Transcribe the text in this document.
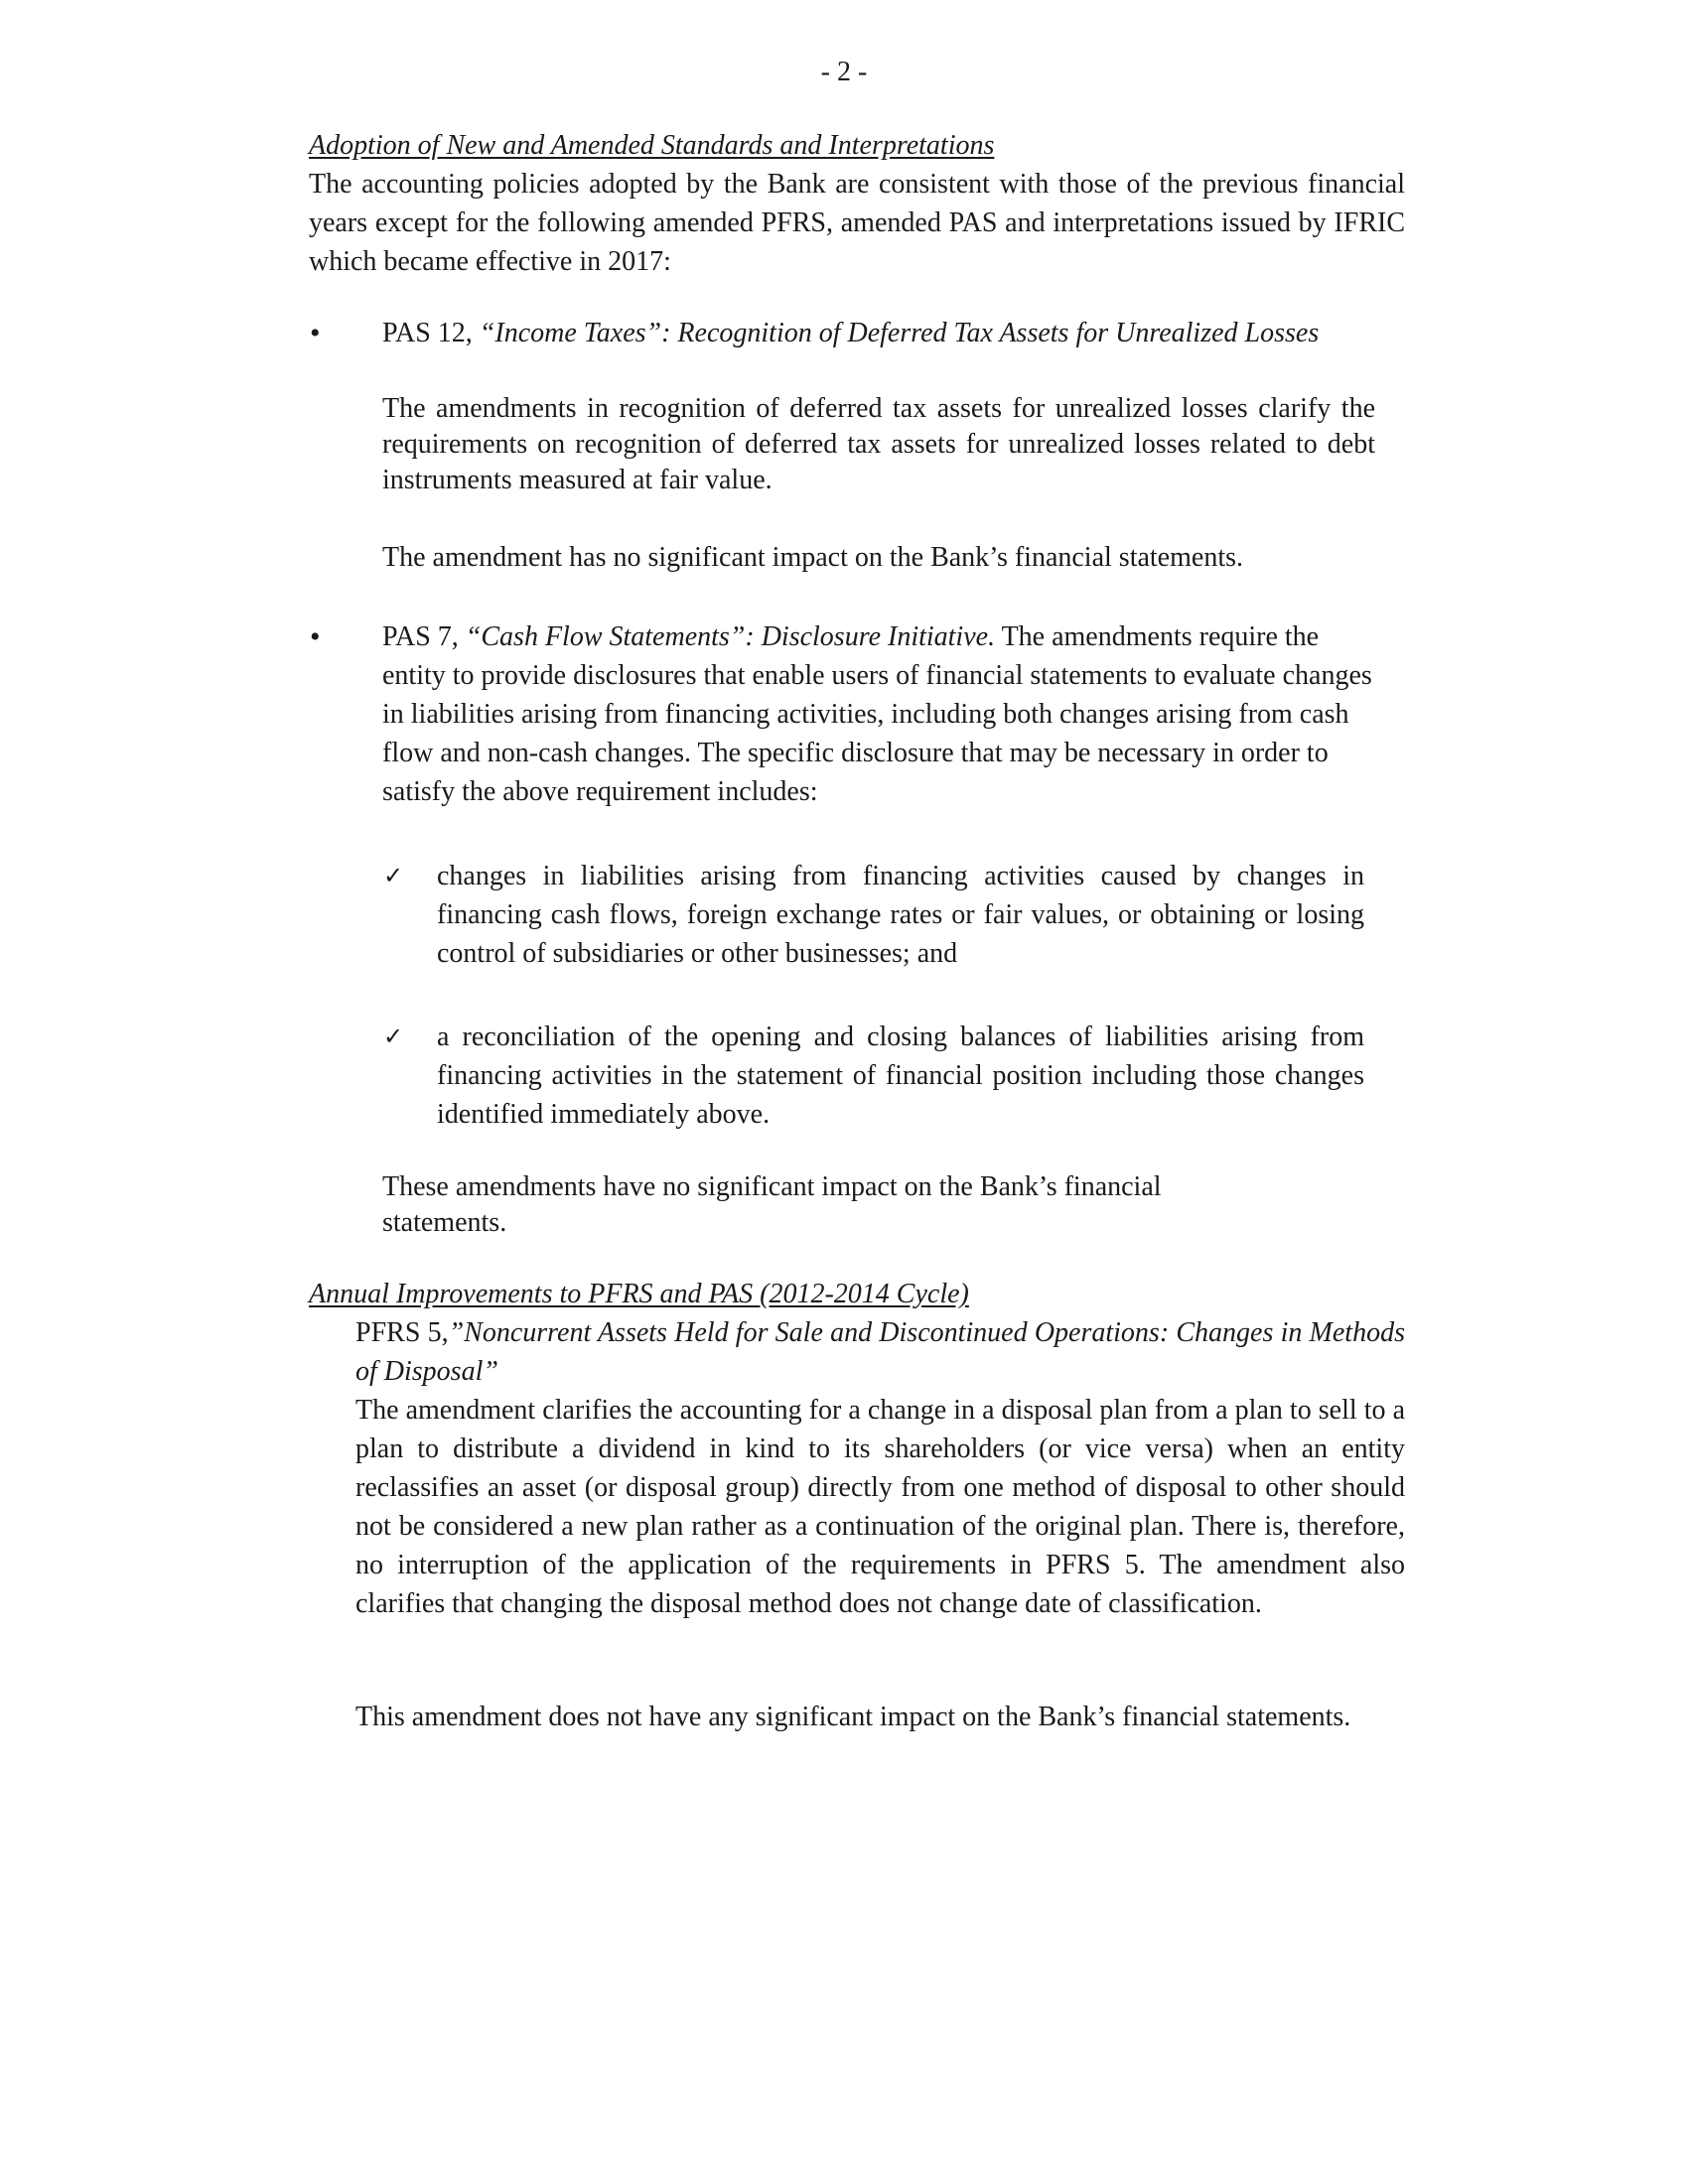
- 2 -
Adoption of New and Amended Standards and Interpretations

The accounting policies adopted by the Bank are consistent with those of the previous financial years except for the following amended PFRS, amended PAS and interpretations issued by IFRIC which became effective in 2017:

• PAS 12, “Income Taxes”: Recognition of Deferred Tax Assets for Unrealized Losses

The amendments in recognition of deferred tax assets for unrealized losses clarify the requirements on recognition of deferred tax assets for unrealized losses related to debt instruments measured at fair value.

The amendment has no significant impact on the Bank’s financial statements.

• PAS 7, “Cash Flow Statements”: Disclosure Initiative. The amendments require the entity to provide disclosures that enable users of financial statements to evaluate changes in liabilities arising from financing activities, including both changes arising from cash flow and non-cash changes. The specific disclosure that may be necessary in order to satisfy the above requirement includes:

✓ changes in liabilities arising from financing activities caused by changes in financing cash flows, foreign exchange rates or fair values, or obtaining or losing control of subsidiaries or other businesses; and

✓ a reconciliation of the opening and closing balances of liabilities arising from financing activities in the statement of financial position including those changes identified immediately above.

These amendments have no significant impact on the Bank’s financial statements.

Annual Improvements to PFRS and PAS (2012-2014 Cycle)

PFRS 5,”Noncurrent Assets Held for Sale and Discontinued Operations: Changes in Methods of Disposal”

The amendment clarifies the accounting for a change in a disposal plan from a plan to sell to a plan to distribute a dividend in kind to its shareholders (or vice versa) when an entity reclassifies an asset (or disposal group) directly from one method of disposal to other should not be considered a new plan rather as a continuation of the original plan. There is, therefore, no interruption of the application of the requirements in PFRS 5. The amendment also clarifies that changing the disposal method does not change date of classification.

This amendment does not have any significant impact on the Bank’s financial statements.
